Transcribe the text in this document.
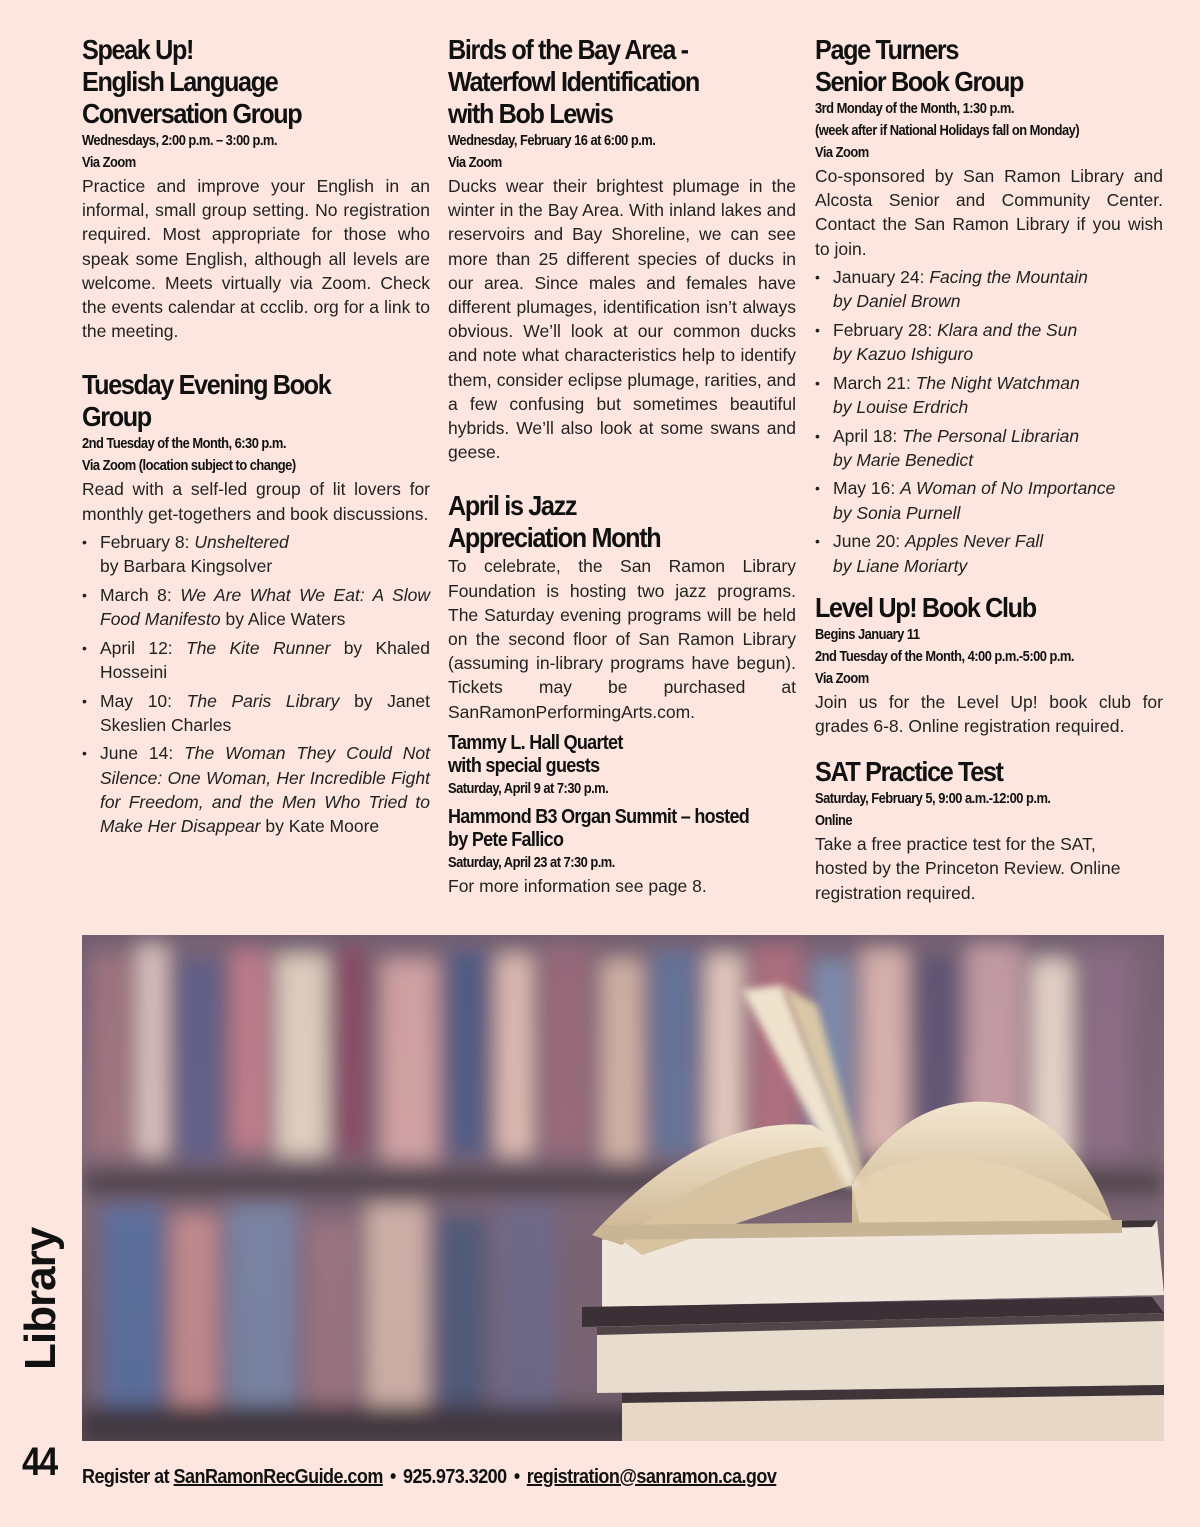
Speak Up!
English Language
Conversation Group

Wednesdays, 2:00 p.m. – 3:00 p.m.

Via Zoom

Practice and improve your English in an informal, small group setting. No registration required. Most appropriate for those who speak some English, although all levels are welcome. Meets virtually via Zoom. Check the events calendar at ccclib. org for a link to the meeting.

Tuesday Evening Book
Group

2nd Tuesday of the Month, 6:30 p.m.

Via Zoom (location subject to change)

Read with a self-led group of lit lovers for monthly get-togethers and book discussions.

• February 8: Unsheltered
by Barbara Kingsolver
• March 8: We Are What We Eat: A Slow Food Manifesto by Alice Waters
• April 12: The Kite Runner by Khaled Hosseini
• May 10: The Paris Library by Janet Skeslien Charles
• June 14: The Woman They Could Not Silence: One Woman, Her Incredible Fight for Freedom, and the Men Who Tried to Make Her Disappear by Kate Moore
Birds of the Bay Area -
Waterfowl Identification
with Bob Lewis

Wednesday, February 16 at 6:00 p.m.

Via Zoom

Ducks wear their brightest plumage in the winter in the Bay Area. With inland lakes and reservoirs and Bay Shoreline, we can see more than 25 different species of ducks in our area. Since males and females have different plumages, identification isn’t always obvious. We’ll look at our common ducks and note what characteristics help to identify them, consider eclipse plumage, rarities, and a few confusing but sometimes beautiful hybrids. We’ll also look at some swans and geese.

April is Jazz
Appreciation Month

To celebrate, the San Ramon Library Foundation is hosting two jazz programs. The Saturday evening programs will be held on the second floor of San Ramon Library (assuming in-library programs have begun). Tickets may be purchased at SanRamonPerformingArts.com.

Tammy L. Hall Quartet
with special guests

Saturday, April 9 at 7:30 p.m.

Hammond B3 Organ Summit – hosted
by Pete Fallico

Saturday, April 23 at 7:30 p.m.

For more information see page 8.

Page Turners
Senior Book Group

3rd Monday of the Month, 1:30 p.m.

(week after if National Holidays fall on Monday)

Via Zoom

Co-sponsored by San Ramon Library and Alcosta Senior and Community Center. Contact the San Ramon Library if you wish to join.

• January 24: Facing the Mountain
by Daniel Brown
• February 28: Klara and the Sun
by Kazuo Ishiguro
• March 21: The Night Watchman
by Louise Erdrich
• April 18: The Personal Librarian
by Marie Benedict
• May 16: A Woman of No Importance
by Sonia Purnell
• June 20: Apples Never Fall
by Liane Moriarty
Level Up! Book Club

Begins January 11

2nd Tuesday of the Month, 4:00 p.m.-5:00 p.m.

Via Zoom

Join us for the Level Up! book club for grades 6-8. Online registration required.

SAT Practice Test

Saturday, February 5, 9:00 a.m.-12:00 p.m.

Online

Take a free practice test for the SAT,
hosted by the Princeton Review. Online
registration required.

Library
44 Register at SanRamonRecGuide.com • 925.973.3200 • registration@sanramon.ca.gov
